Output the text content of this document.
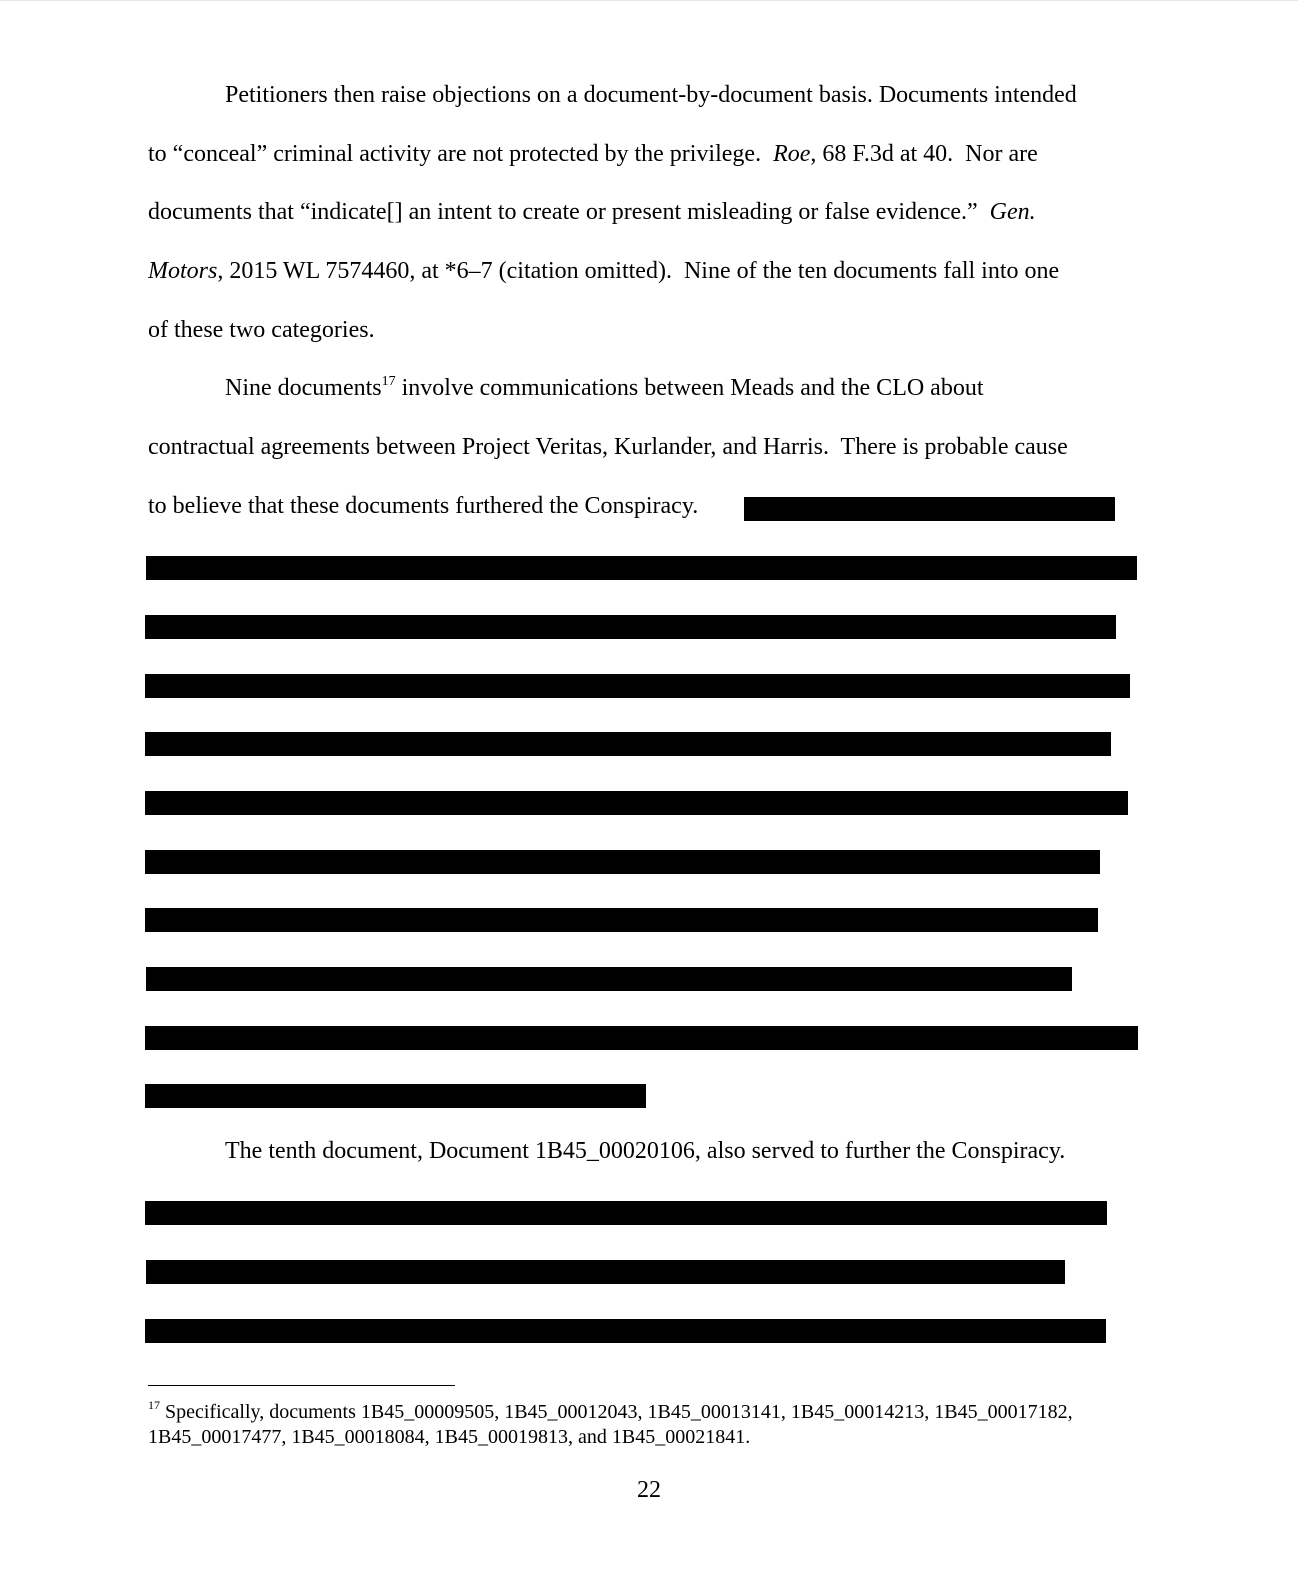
Petitioners then raise objections on a document-by-document basis. Documents intended
to “conceal” criminal activity are not protected by the privilege.  Roe, 68 F.3d at 40.  Nor are
documents that “indicate[] an intent to create or present misleading or false evidence.”  Gen.
Motors, 2015 WL 7574460, at *6–7 (citation omitted).  Nine of the ten documents fall into one
of these two categories.
Nine documents$^{17}$ involve communications between Meads and the CLO about
contractual agreements between Project Veritas, Kurlander, and Harris.  There is probable cause
to believe that these documents furthered the Conspiracy.
The tenth document, Document 1B45_00020106, also served to further the Conspiracy.
$^{17}$ Specifically, documents 1B45_00009505, 1B45_00012043, 1B45_00013141, 1B45_00014213, 1B45_00017182,
1B45_00017477, 1B45_00018084, 1B45_00019813, and 1B45_00021841.
22
